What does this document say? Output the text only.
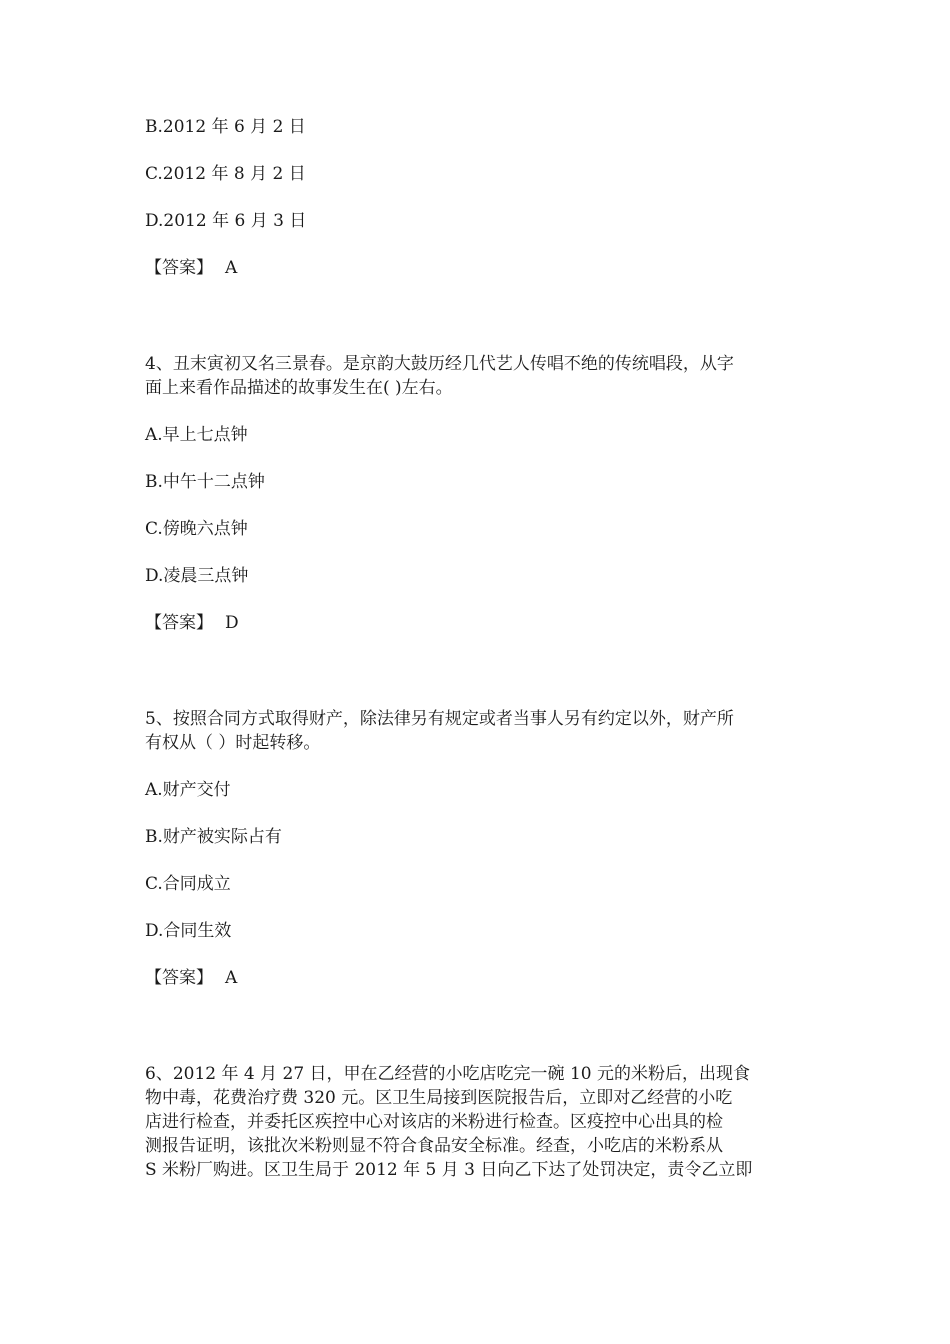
B.2012 年 6 月 2 日
C.2012 年 8 月 2 日
D.2012 年 6 月 3 日
【答案】 A
4、丑末寅初又名三景春。是京韵大鼓历经几代艺人传唱不绝的传统唱段，从字
面上来看作品描述的故事发生在( )左右。
A.早上七点钟
B.中午十二点钟
C.傍晚六点钟
D.凌晨三点钟
【答案】 D
5、按照合同方式取得财产，除法律另有规定或者当事人另有约定以外，财产所
有权从（ ）时起转移。
A.财产交付
B.财产被实际占有
C.合同成立
D.合同生效
【答案】 A
6、2012 年 4 月 27 日，甲在乙经营的小吃店吃完一碗 10 元的米粉后，出现食
物中毒，花费治疗费 320 元。区卫生局接到医院报告后，立即对乙经营的小吃
店进行检查，并委托区疾控中心对该店的米粉进行检查。区疫控中心出具的检
测报告证明，该批次米粉则显不符合食品安全标准。经查，小吃店的米粉系从
S 米粉厂购进。区卫生局于 2012 年 5 月 3 日向乙下达了处罚决定，责令乙立即
